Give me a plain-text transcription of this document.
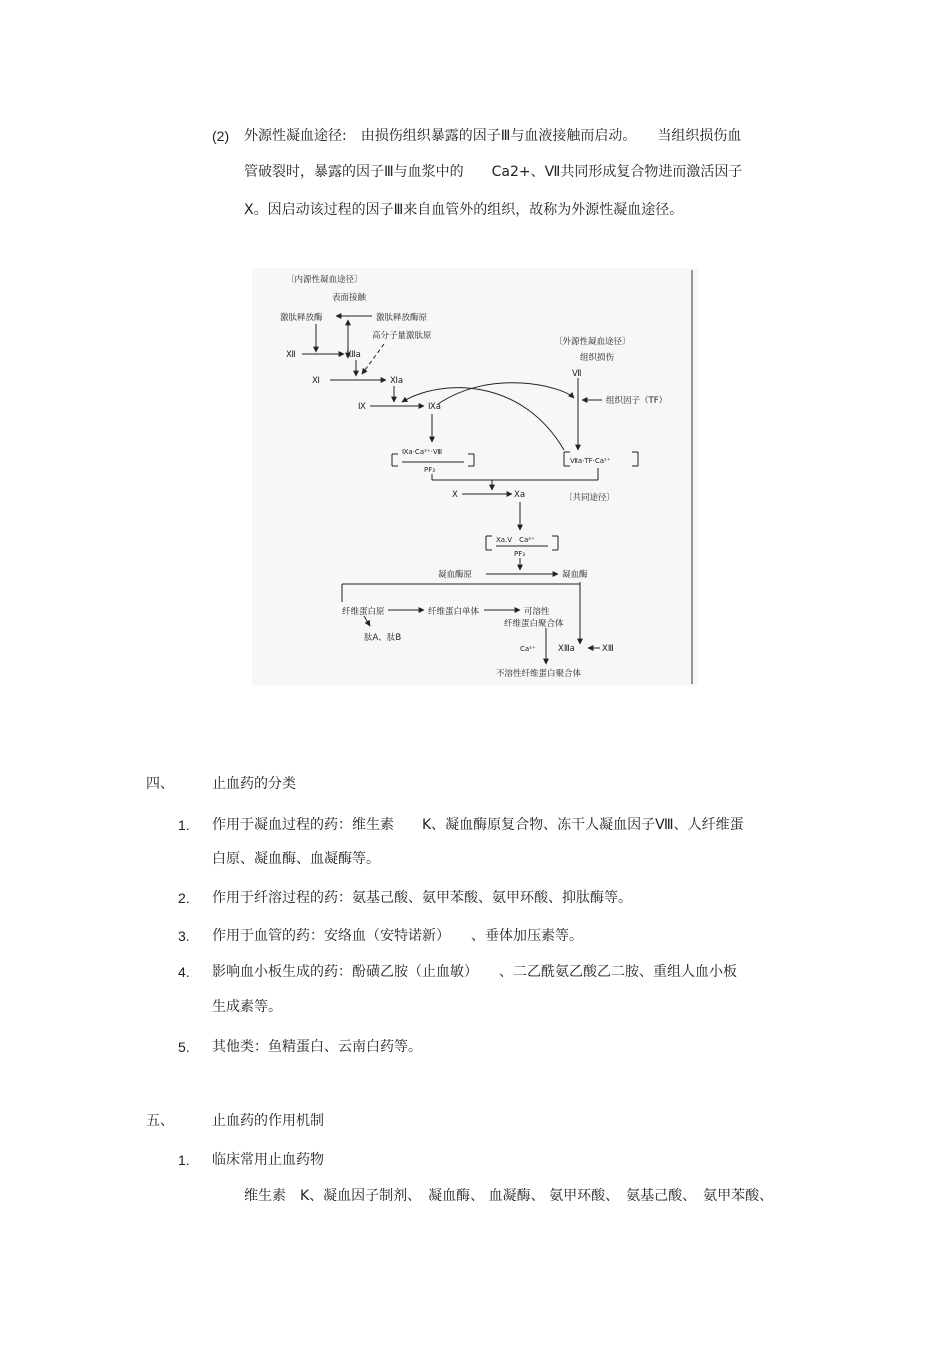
(2) 外源性凝血途径:　由损伤组织暴露的因子Ⅲ与血液接触而启动。　　当组织损伤血
管破裂时，暴露的因子Ⅲ与血浆中的　　Ca2+、Ⅶ共同形成复合物进而激活因子
Ⅹ。因启动该过程的因子Ⅲ来自血管外的组织，故称为外源性凝血途径。
〔内源性凝血途径〕
表面接触
激肽释放酶	激肽释放酶原
高分子量激肽原
Ⅻ	Ⅻa
Ⅺ	Ⅺa
Ⅸ	Ⅸa
Ⅸa·Ca²⁺·Ⅷ
PF₃
〔外源性凝血途径〕
组织损伤
Ⅶ
组织因子（TF）
Ⅶa·TF·Ca²⁺
Ⅹ	Ⅹa	〔共同途径〕
Ⅹa.Ⅴ　Ca²⁺
PF₃
凝血酶原	凝血酶
纤维蛋白原	纤维蛋白单体	可溶性
纤维蛋白聚合体
肽A、肽B
Ca²⁺	ⅩⅢa	ⅩⅢ
不溶性纤维蛋白聚合体
四、	止血药的分类
1. 作用于凝血过程的药：维生素　　K、凝血酶原复合物、冻干人凝血因子Ⅷ、人纤维蛋
白原、凝血酶、血凝酶等。
2. 作用于纤溶过程的药：氨基己酸、氨甲苯酸、氨甲环酸、抑肽酶等。
3. 作用于血管的药：安络血（安特诺新）　　、垂体加压素等。
4. 影响血小板生成的药：酚磺乙胺（止血敏）　　、二乙酰氨乙酸乙二胺、重组人血小板
生成素等。
5. 其他类：鱼精蛋白、云南白药等。
五、	止血药的作用机制
1. 临床常用止血药物
维生素　K、凝血因子制剂、　凝血酶、 血凝酶、 氨甲环酸、　氨基己酸、　氨甲苯酸、
